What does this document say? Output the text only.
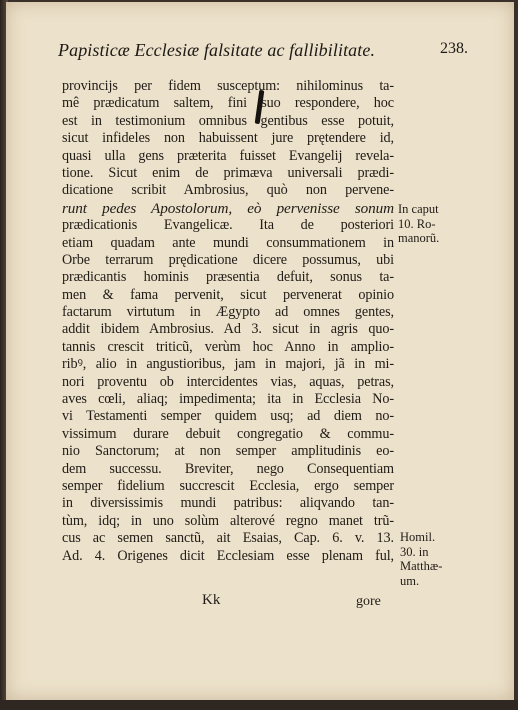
Papisticæ Ecclesiæ falsitate ac fallibilitate.	238.
provincijs per fidem susceptum: nihilominus ta-
mê prædicatum saltem, fini suo respondere, hoc
est in testimonium omnibus gentibus esse potuit,
sicut infideles non habuissent jure prętendere id,
quasi ulla gens præterita fuisset Evangelij revela-
tione. Sicut enim de primæva universali prædi-
dicatione scribit Ambrosius, quò non pervene-
runt pedes Apostolorum, eò pervenisse sonum
prædicationis Evangelicæ. Ita de posteriori
etiam quadam ante mundi consummationem in
Orbe terrarum prędicatione dicere possumus, ubi
prædicantis hominis præsentia defuit, sonus ta-
men & fama pervenit, sicut pervenerat opinio
factarum virtutum in Ægypto ad omnes gentes,
addit ibidem Ambrosius. Ad 3. sicut in agris quo-
tannis crescit triticũ, verùm hoc Anno in amplio-
ribꝰ, alio in angustioribus, jam in majori, jã in mi-
nori proventu ob intercidentes vias, aquas, petras,
aves cœli, aliaq; impedimenta; ita in Ecclesia No-
vi Testamenti semper quidem usq; ad diem no-
vissimum durare debuit congregatio & commu-
nio Sanctorum; at non semper amplitudinis eo-
dem successu. Breviter, nego Consequentiam
semper fidelium succrescit Ecclesia, ergo semper
in diversissimis mundi patribus: aliqvando tan-
tùm, idq; in uno solùm alterové regno manet trũ-
cus ac semen sanctũ, ait Esaias, Cap. 6. v. 13.
Ad. 4. Origenes dicit Ecclesiam esse plenam ful,
In caput
10. Ro-
manorũ.
Homil.
30. in
Matthæ-
um.
Kk	gore
